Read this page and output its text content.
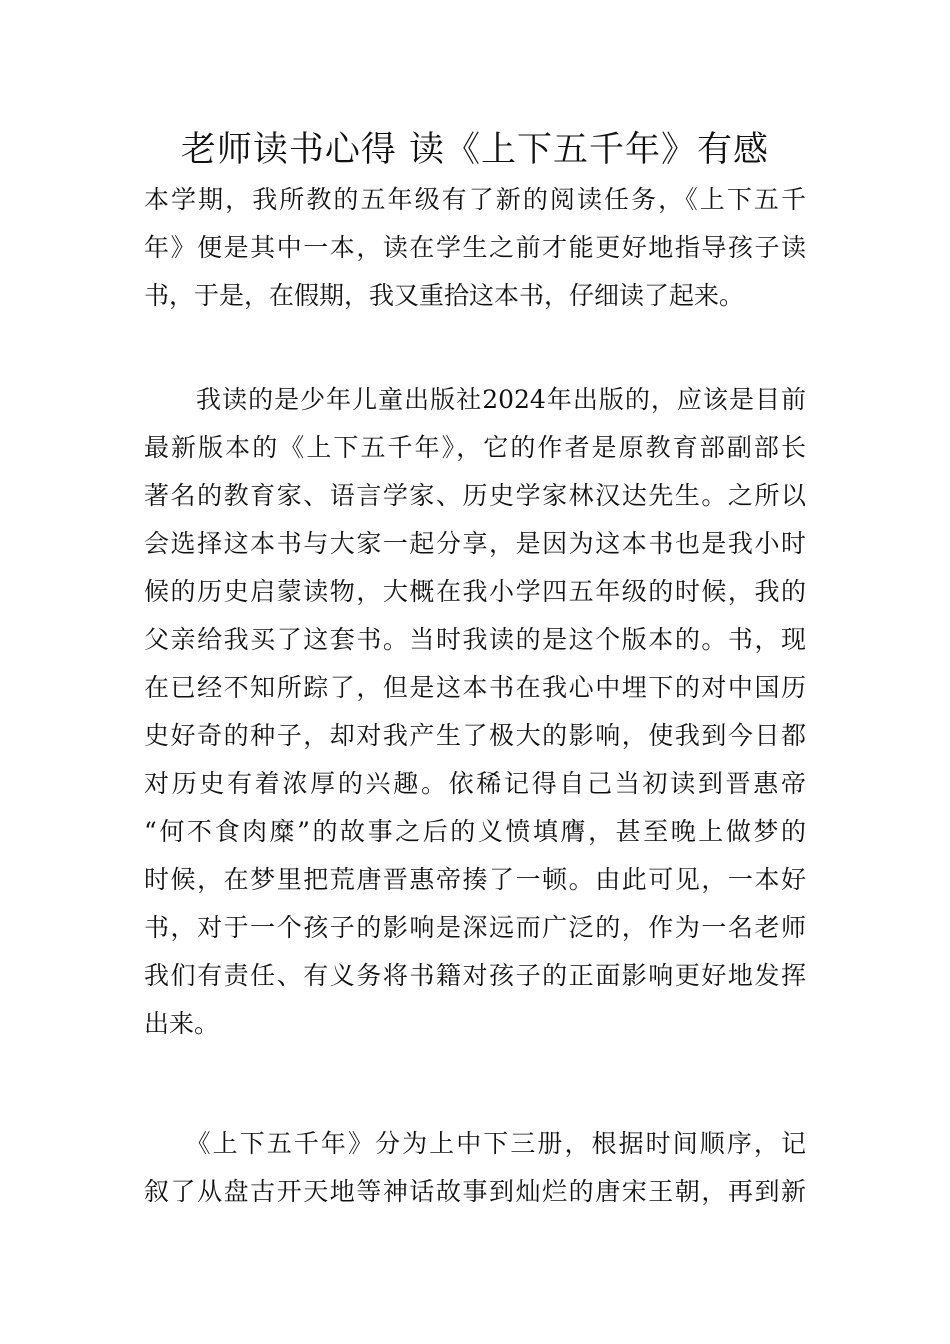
老师读书心得 读《上下五千年》有感
本学期，我所教的五年级有了新的阅读任务，《上下五千
年》便是其中一本，读在学生之前才能更好地指导孩子读
书，于是，在假期，我又重拾这本书，仔细读了起来。
　　我读的是少年儿童出版社2024年出版的，应该是目前
最新版本的《上下五千年》，它的作者是原教育部副部长
著名的教育家、语言学家、历史学家林汉达先生。之所以
会选择这本书与大家一起分享，是因为这本书也是我小时
候的历史启蒙读物，大概在我小学四五年级的时候，我的
父亲给我买了这套书。当时我读的是这个版本的。书，现
在已经不知所踪了，但是这本书在我心中埋下的对中国历
史好奇的种子，却对我产生了极大的影响，使我到今日都
对历史有着浓厚的兴趣。依稀记得自己当初读到晋惠帝
“何不食肉糜”的故事之后的义愤填膺，甚至晚上做梦的
时候，在梦里把荒唐晋惠帝揍了一顿。由此可见，一本好
书，对于一个孩子的影响是深远而广泛的，作为一名老师
我们有责任、有义务将书籍对孩子的正面影响更好地发挥
出来。
　　《上下五千年》分为上中下三册，根据时间顺序，记
叙了从盘古开天地等神话故事到灿烂的唐宋王朝，再到新
